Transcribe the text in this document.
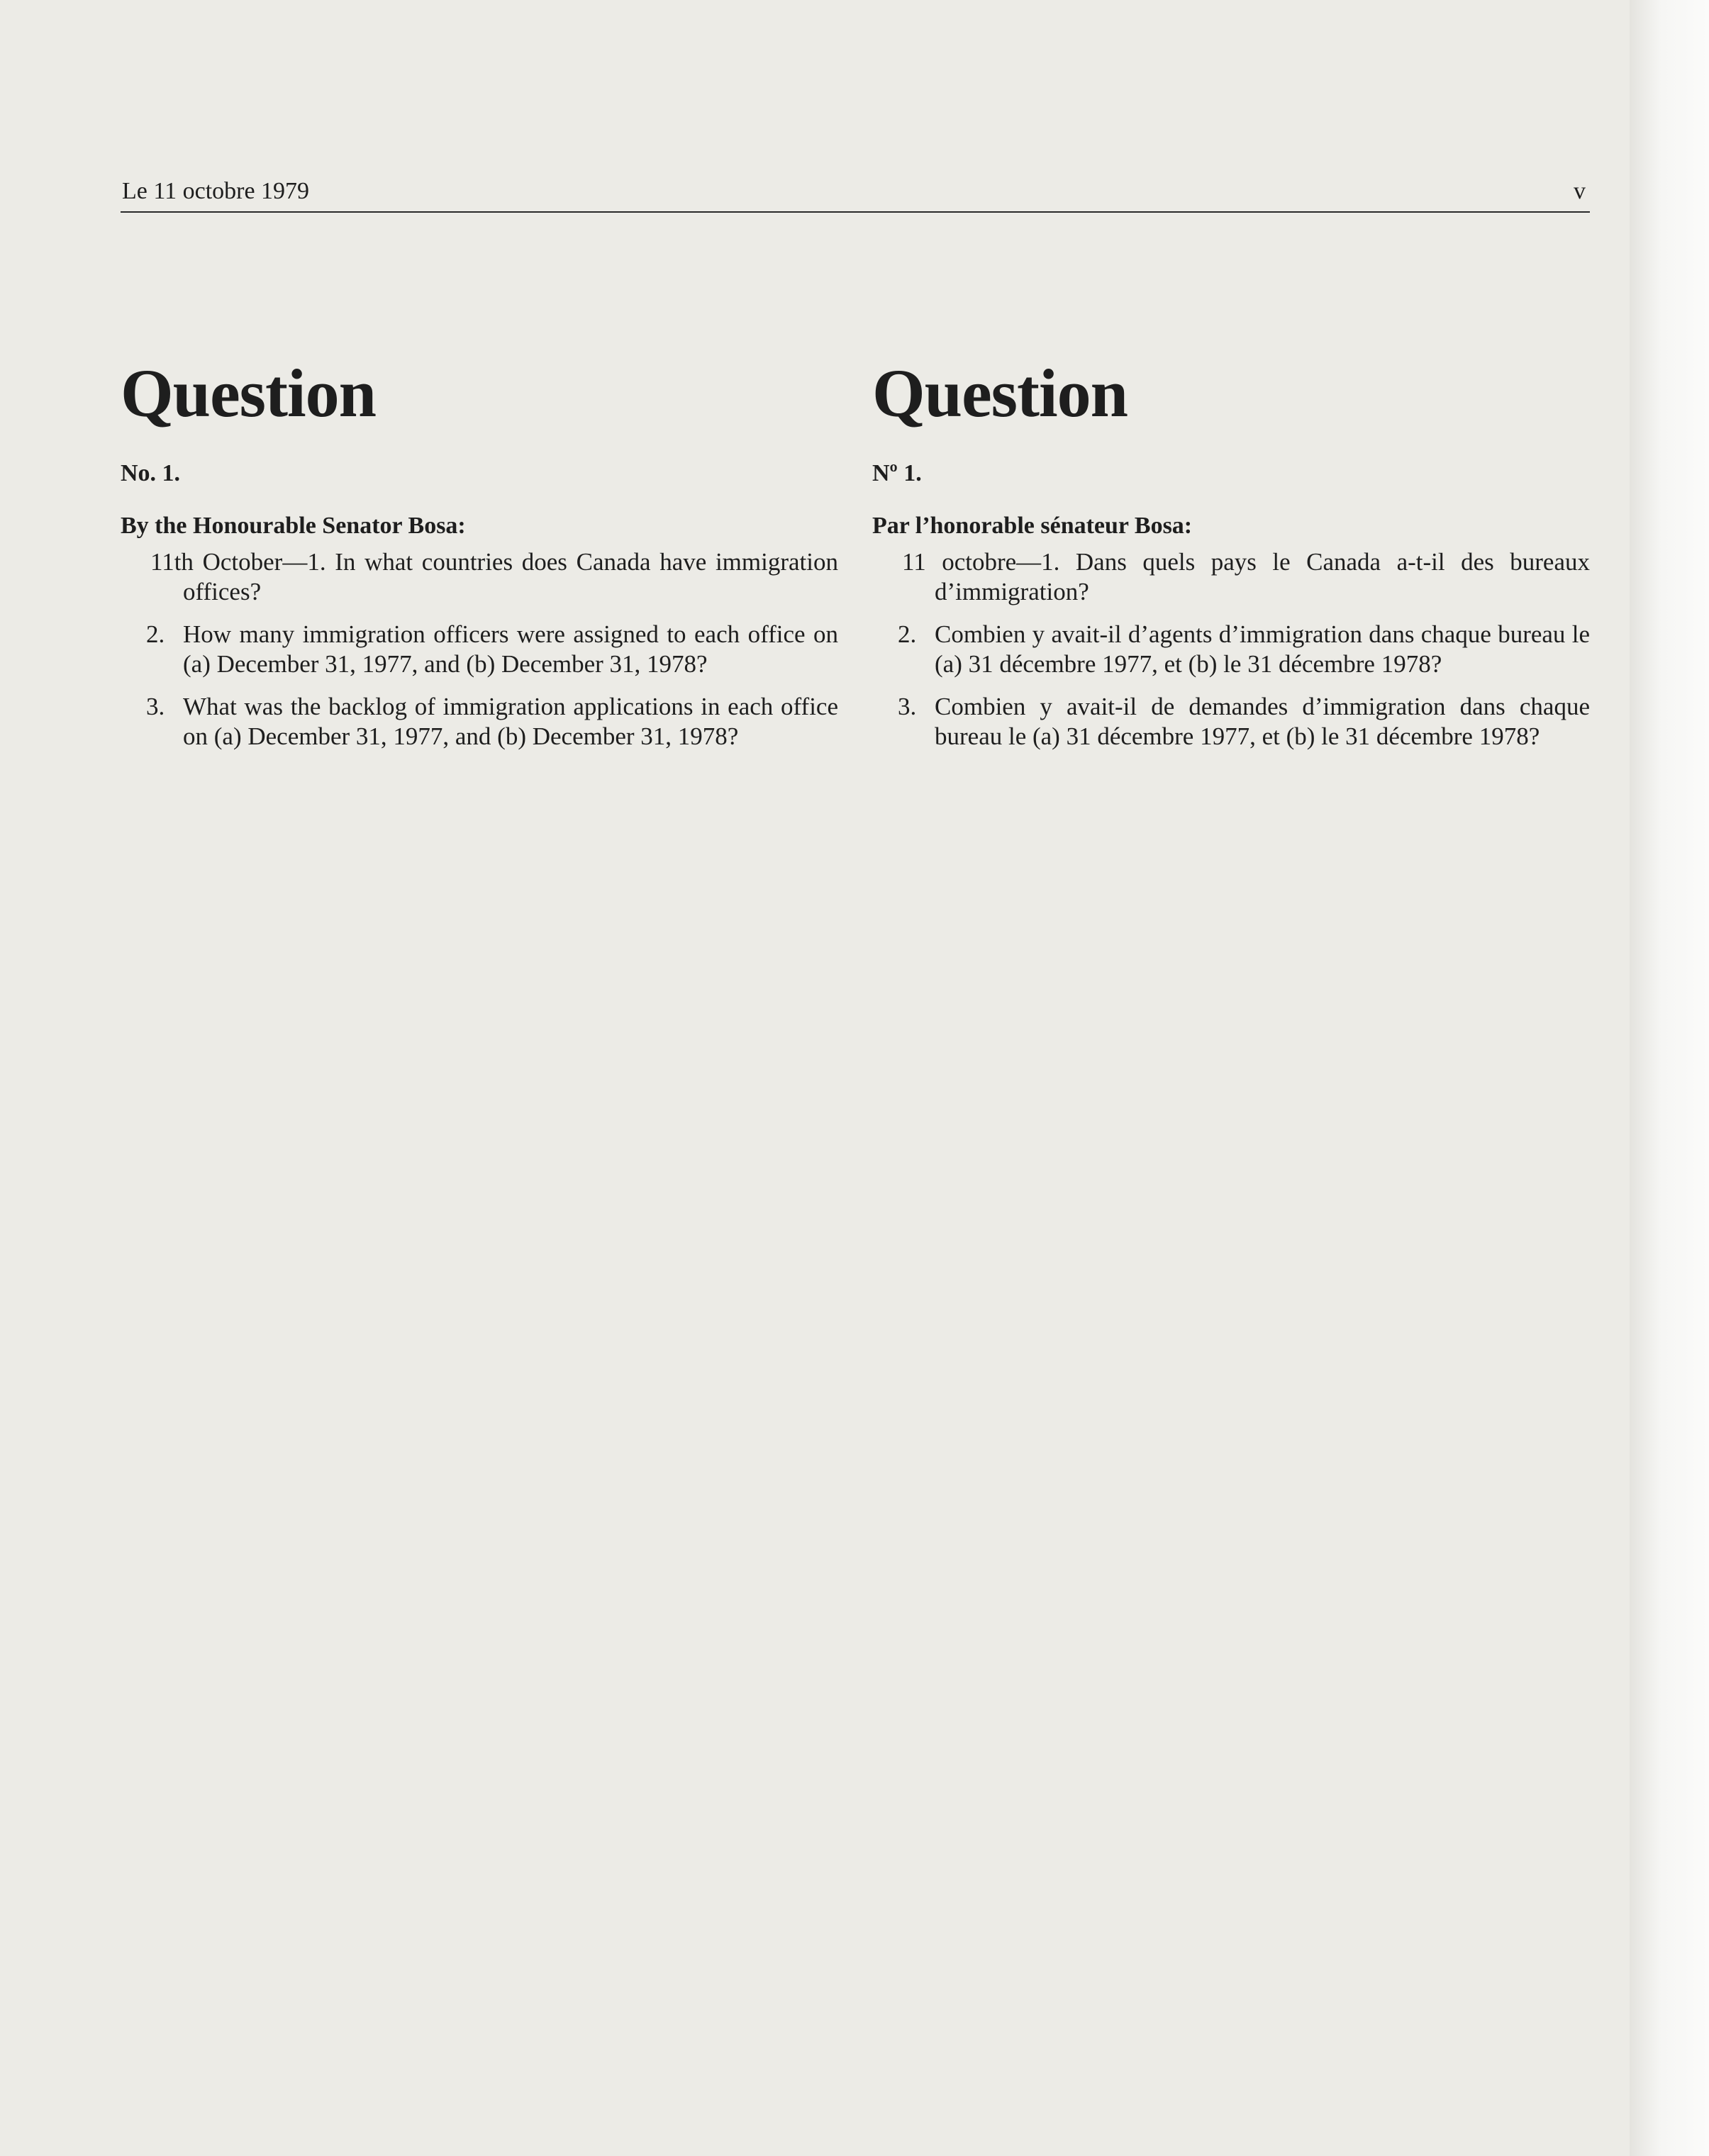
Le 11 octobre 1979	v
Question
No. 1.
By the Honourable Senator Bosa:
11th October—1. In what countries does Canada have immigration offices?
2. How many immigration officers were assigned to each office on (a) December 31, 1977, and (b) December 31, 1978?
3. What was the backlog of immigration applications in each office on (a) December 31, 1977, and (b) December 31, 1978?
Question
Nº 1.
Par l’honorable sénateur Bosa:
11 octobre—1. Dans quels pays le Canada a-t-il des bureaux d’immigration?
2. Combien y avait-il d’agents d’immigration dans chaque bureau le (a) 31 décembre 1977, et (b) le 31 décembre 1978?
3. Combien y avait-il de demandes d’immigration dans chaque bureau le (a) 31 décembre 1977, et (b) le 31 décembre 1978?
